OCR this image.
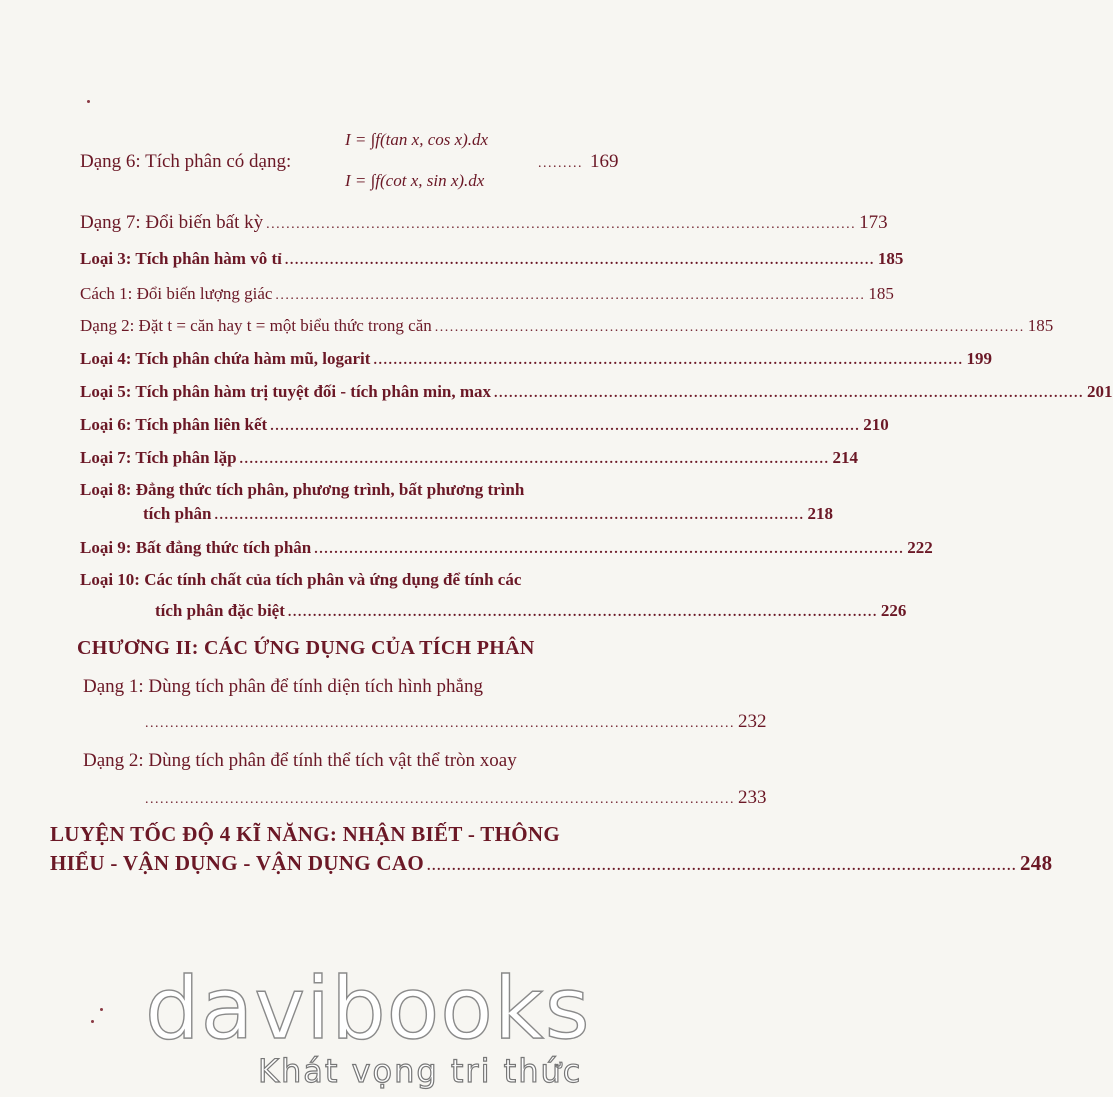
I = ∫f(tan x, cos x).dx
Dạng 6: Tích phân có dạng:	......... 169
I = ∫f(cot x, sin x).dx
Dạng 7: Đổi biến bất kỳ ...................................................................................................................... 173
Loại 3: Tích phân hàm vô tỉ ...................................................................................................................... 185
Cách 1: Đổi biến lượng giác ...................................................................................................................... 185
Dạng 2: Đặt t = căn hay t = một biểu thức trong căn ...................................................................................................................... 185
Loại 4: Tích phân chứa hàm mũ, logarit ...................................................................................................................... 199
Loại 5: Tích phân hàm trị tuyệt đối - tích phân min, max ...................................................................................................................... 201
Loại 6: Tích phân liên kết ...................................................................................................................... 210
Loại 7: Tích phân lặp ...................................................................................................................... 214
Loại 8: Đẳng thức tích phân, phương trình, bất phương trình
tích phân ...................................................................................................................... 218
Loại 9: Bất đẳng thức tích phân ...................................................................................................................... 222
Loại 10: Các tính chất của tích phân và ứng dụng để tính các
tích phân đặc biệt ...................................................................................................................... 226
CHƯƠNG II: CÁC ỨNG DỤNG CỦA TÍCH PHÂN
Dạng 1: Dùng tích phân để tính diện tích hình phẳng
...................................................................................................................... 232
Dạng 2: Dùng tích phân để tính thể tích vật thể tròn xoay
...................................................................................................................... 233
LUYỆN TỐC ĐỘ 4 KĨ NĂNG: NHẬN BIẾT - THÔNG
HIỂU - VẬN DỤNG - VẬN DỤNG CAO ...................................................................................................................... 248
davibooks
Khát vọng tri thức
